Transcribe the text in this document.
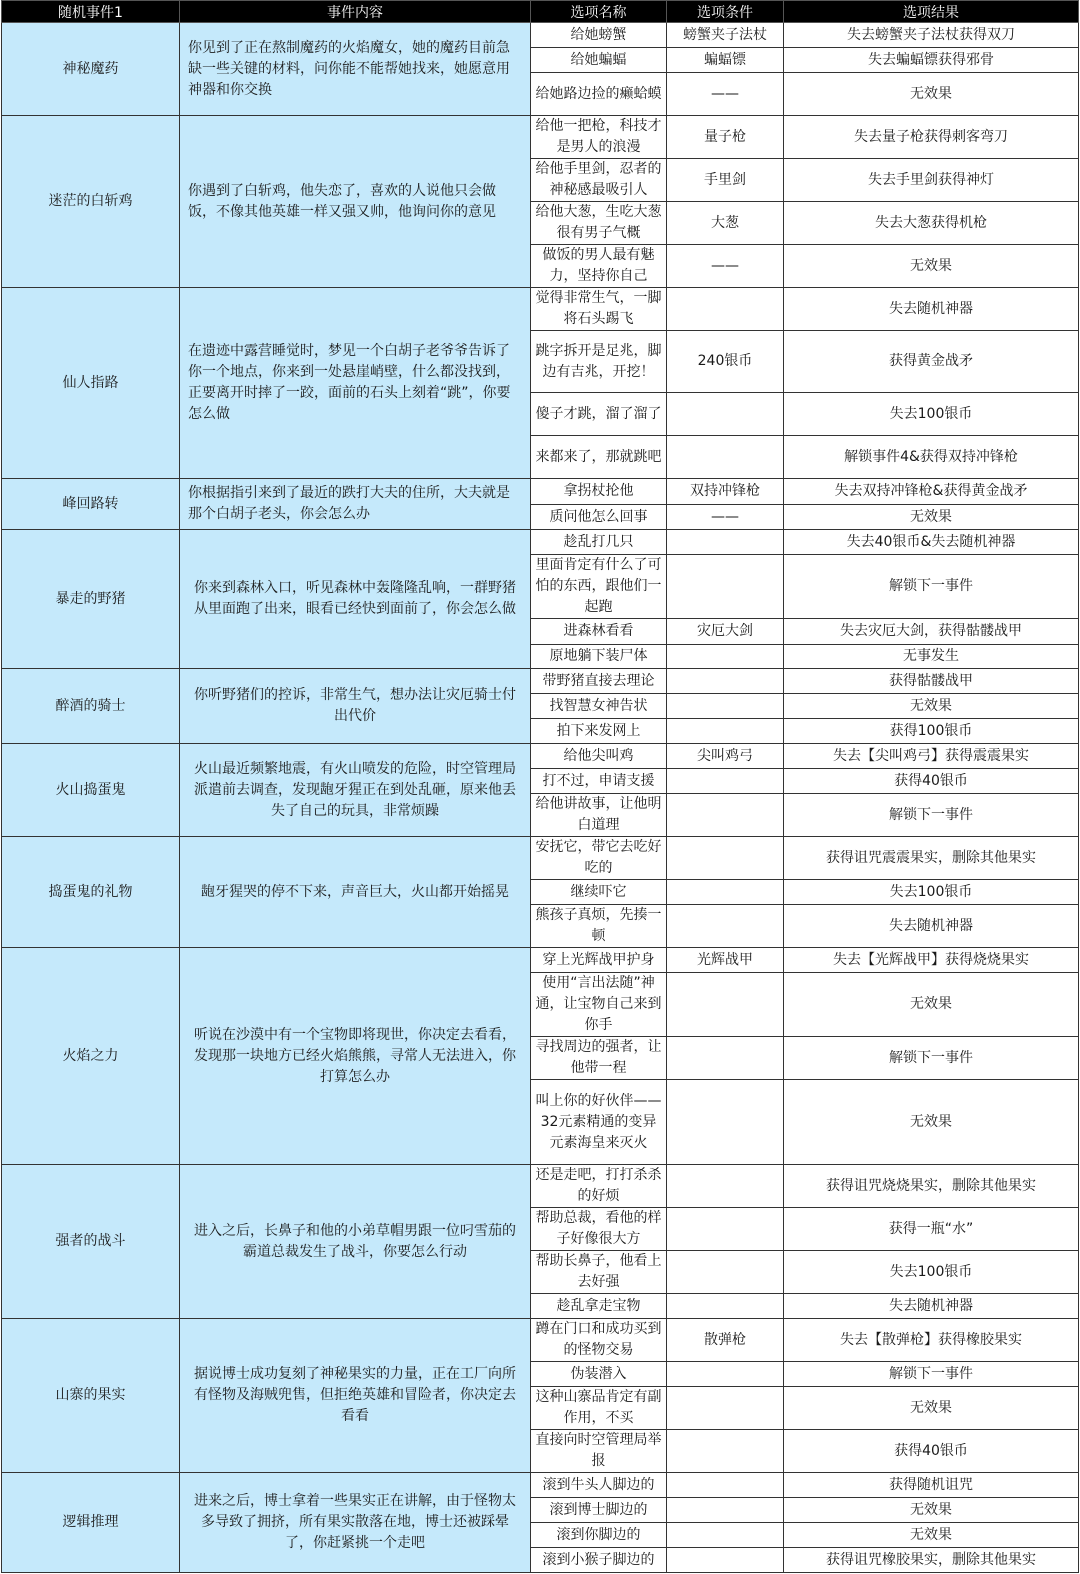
随机事件1	事件内容	选项名称	选项条件	选项结果
神秘魔药	你见到了正在熬制魔药的火焰魔女，她的魔药目前急缺一些关键的材料，问你能不能帮她找来，她愿意用神器和你交换	给她螃蟹	螃蟹夹子法杖	失去螃蟹夹子法杖获得双刀
		给她蝙蝠	蝙蝠镖	失去蝙蝠镖获得邪骨
		给她路边捡的癞蛤蟆	——	无效果
迷茫的白斩鸡	你遇到了白斩鸡，他失恋了，喜欢的人说他只会做饭，不像其他英雄一样又强又帅，他询问你的意见	给他一把枪，科技才是男人的浪漫	量子枪	失去量子枪获得刺客弯刀
		给他手里剑，忍者的神秘感最吸引人	手里剑	失去手里剑获得神灯
		给他大葱，生吃大葱很有男子气概	大葱	失去大葱获得机枪
		做饭的男人最有魅力，坚持你自己	——	无效果
仙人指路	在遗迹中露营睡觉时，梦见一个白胡子老爷爷告诉了你一个地点，你来到一处悬崖峭壁，什么都没找到，正要离开时摔了一跤，面前的石头上刻着“跳”，你要怎么做	觉得非常生气，一脚将石头踢飞		失去随机神器
		跳字拆开是足兆，脚边有吉兆，开挖！	240银币	获得黄金战矛
		傻子才跳，溜了溜了		失去100银币
		来都来了，那就跳吧		解锁事件4&获得双持冲锋枪
峰回路转	你根据指引来到了最近的跌打大夫的住所，大夫就是那个白胡子老头，你会怎么办	拿拐杖抡他	双持冲锋枪	失去双持冲锋枪&获得黄金战矛
		质问他怎么回事	——	无效果
暴走的野猪	你来到森林入口，听见森林中轰隆隆乱响，一群野猪从里面跑了出来，眼看已经快到面前了，你会怎么做	趁乱打几只		失去40银币&失去随机神器
		里面肯定有什么了可怕的东西，跟他们一起跑		解锁下一事件
		进森林看看	灾厄大剑	失去灾厄大剑，获得骷髅战甲
		原地躺下装尸体		无事发生
醉酒的骑士	你听野猪们的控诉，非常生气，想办法让灾厄骑士付出代价	带野猪直接去理论		获得骷髅战甲
		找智慧女神告状		无效果
		拍下来发网上		获得100银币
火山捣蛋鬼	火山最近频繁地震，有火山喷发的危险，时空管理局派遣前去调查，发现龅牙猩正在到处乱砸，原来他丢失了自己的玩具，非常烦躁	给他尖叫鸡	尖叫鸡弓	失去【尖叫鸡弓】获得震震果实
		打不过，申请支援		获得40银币
		给他讲故事，让他明白道理		解锁下一事件
捣蛋鬼的礼物	龅牙猩哭的停不下来，声音巨大，火山都开始摇晃	安抚它，带它去吃好吃的		获得诅咒震震果实，删除其他果实
		继续吓它		失去100银币
		熊孩子真烦，先揍一顿		失去随机神器
火焰之力	听说在沙漠中有一个宝物即将现世，你决定去看看，发现那一块地方已经火焰熊熊，寻常人无法进入，你打算怎么办	穿上光辉战甲护身	光辉战甲	失去【光辉战甲】获得烧烧果实
		使用“言出法随”神通，让宝物自己来到你手		无效果
		寻找周边的强者，让他带一程		解锁下一事件
		叫上你的好伙伴——32元素精通的变异元素海皇来灭火		无效果
强者的战斗	进入之后，长鼻子和他的小弟草帽男跟一位叼雪茄的霸道总裁发生了战斗，你要怎么行动	还是走吧，打打杀杀的好烦		获得诅咒烧烧果实，删除其他果实
		帮助总裁，看他的样子好像很大方		获得一瓶“水”
		帮助长鼻子，他看上去好强		失去100银币
		趁乱拿走宝物		失去随机神器
山寨的果实	据说博士成功复刻了神秘果实的力量，正在工厂向所有怪物及海贼兜售，但拒绝英雄和冒险者，你决定去看看	蹲在门口和成功买到的怪物交易	散弹枪	失去【散弹枪】获得橡胶果实
		伪装潜入		解锁下一事件
		这种山寨品肯定有副作用，不买		无效果
		直接向时空管理局举报		获得40银币
逻辑推理	进来之后，博士拿着一些果实正在讲解，由于怪物太多导致了拥挤，所有果实散落在地，博士还被踩晕了，你赶紧挑一个走吧	滚到牛头人脚边的		获得随机诅咒
		滚到博士脚边的		无效果
		滚到你脚边的		无效果
		滚到小猴子脚边的		获得诅咒橡胶果实，删除其他果实
